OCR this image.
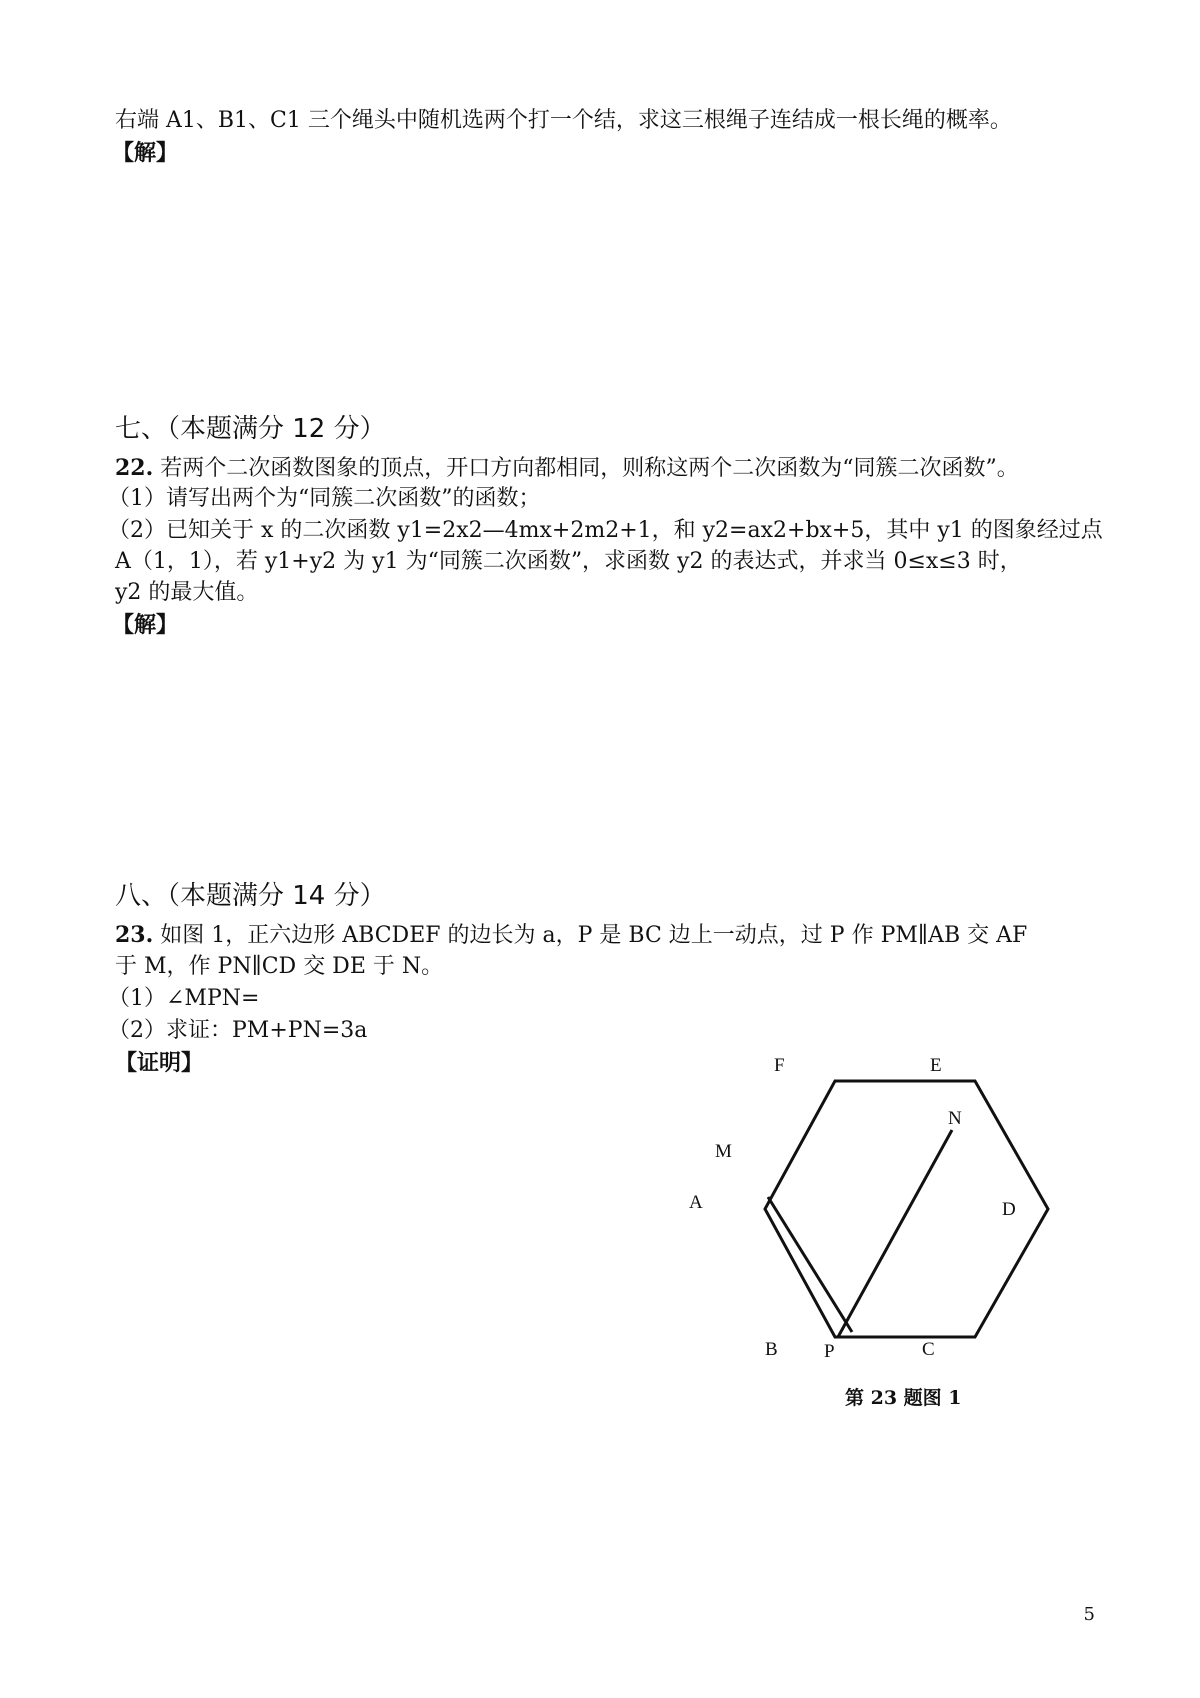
右端 A1、B1、C1 三个绳头中随机选两个打一个结，求这三根绳子连结成一根长绳的概率。
【解】
七、（本题满分 12 分）
22. 若两个二次函数图象的顶点，开口方向都相同，则称这两个二次函数为“同簇二次函数”。
（1）请写出两个为“同簇二次函数”的函数；
（2）已知关于 x 的二次函数 y1=2x2—4mx+2m2+1，和 y2=ax2+bx+5，其中 y1 的图象经过点
A（1，1），若 y1+y2 为 y1 为“同簇二次函数”，求函数 y2 的表达式，并求当 0≤x≤3 时，
y2 的最大值。
【解】
八、（本题满分 14 分）
23. 如图 1，正六边形 ABCDEF 的边长为 a，P 是 BC 边上一动点，过 P 作 PM∥AB 交 AF
于 M，作 PN∥CD 交 DE 于 N。
（1）∠MPN=
（2）求证：PM+PN=3a
【证明】	F	E
N
M
A	D
B P	C
第 23 题图 1
5
